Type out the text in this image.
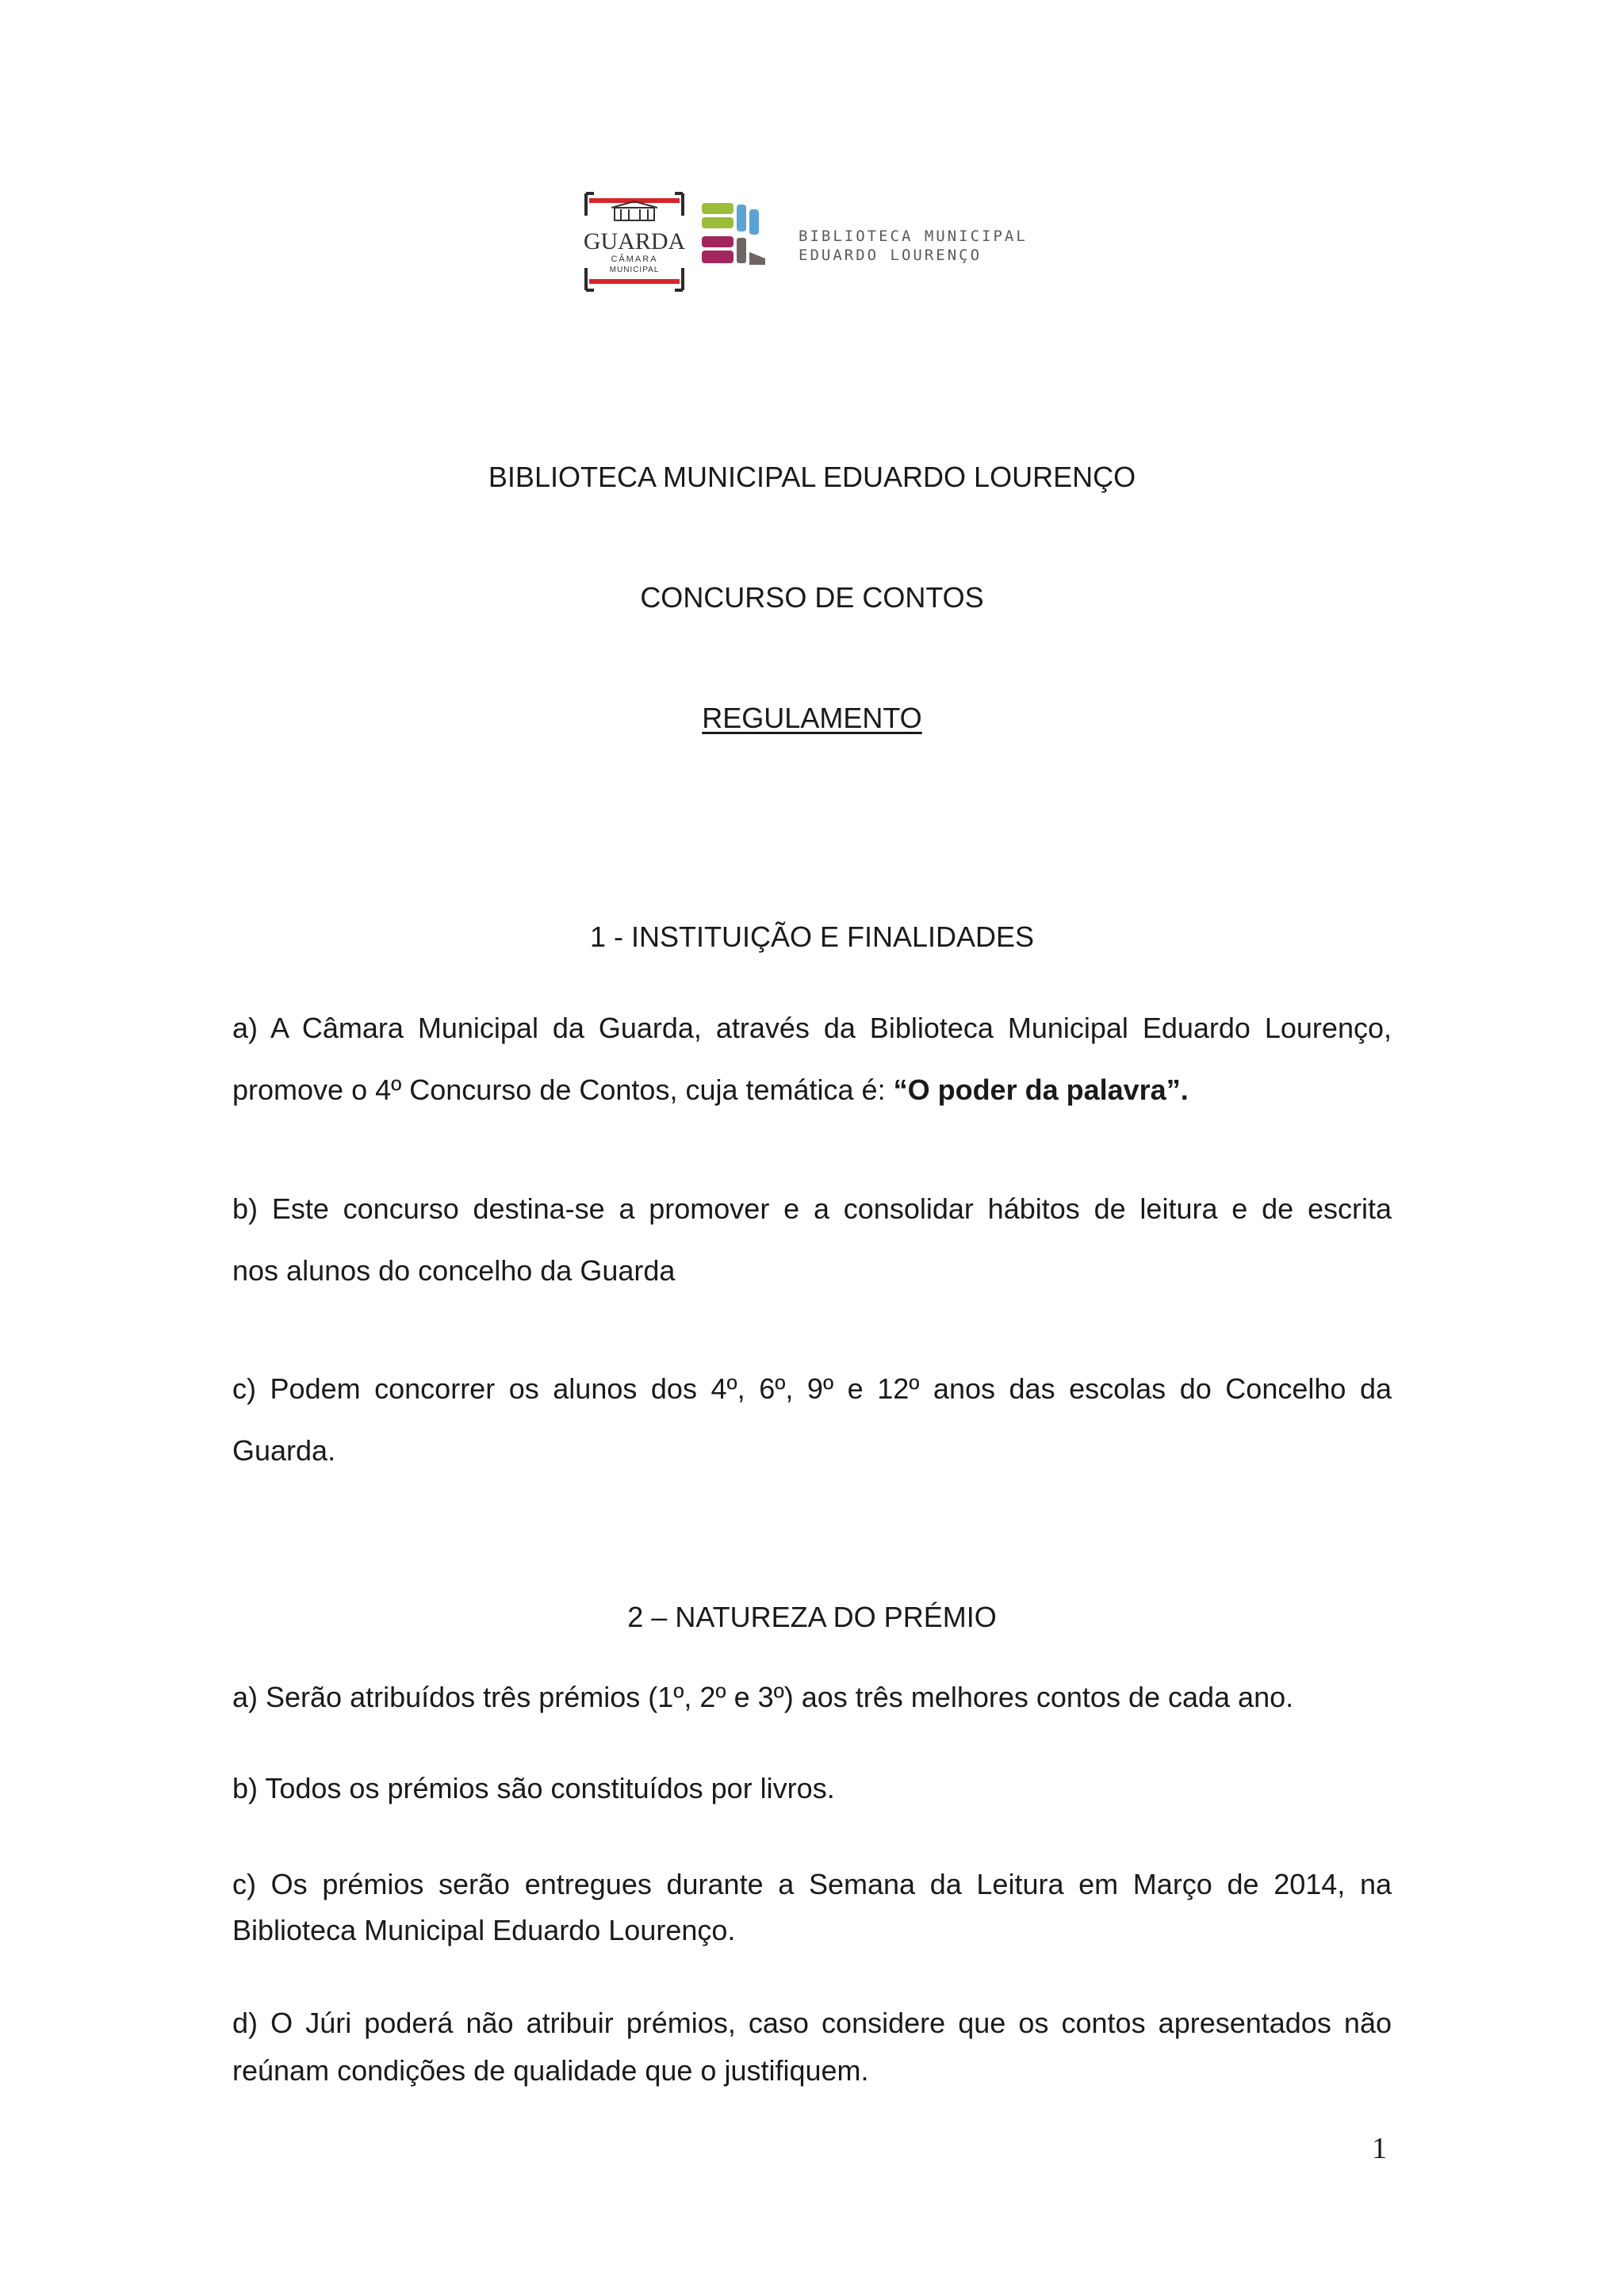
GUARDA
CÂMARA
MUNICIPAL
BIBLIOTECA MUNICIPAL
EDUARDO LOURENÇO
BIBLIOTECA MUNICIPAL EDUARDO LOURENÇO
CONCURSO DE CONTOS
REGULAMENTO
1 - INSTITUIÇÃO E FINALIDADES
a) A Câmara Municipal da Guarda, através da Biblioteca Municipal Eduardo Lourenço,
promove o 4º Concurso de Contos, cuja temática é: “O poder da palavra”.
b) Este concurso destina-se a promover e a consolidar hábitos de leitura e de escrita
nos alunos do concelho da Guarda
c) Podem concorrer os alunos dos 4º, 6º, 9º e 12º anos das escolas do Concelho da
Guarda.
2 – NATUREZA DO PRÉMIO
a) Serão atribuídos três prémios (1º, 2º e 3º) aos três melhores contos de cada ano.
b) Todos os prémios são constituídos por livros.
c) Os prémios serão entregues durante a Semana da Leitura em Março de 2014, na
Biblioteca Municipal Eduardo Lourenço.
d) O Júri poderá não atribuir prémios, caso considere que os contos apresentados não
reúnam condições de qualidade que o justifiquem.
1
